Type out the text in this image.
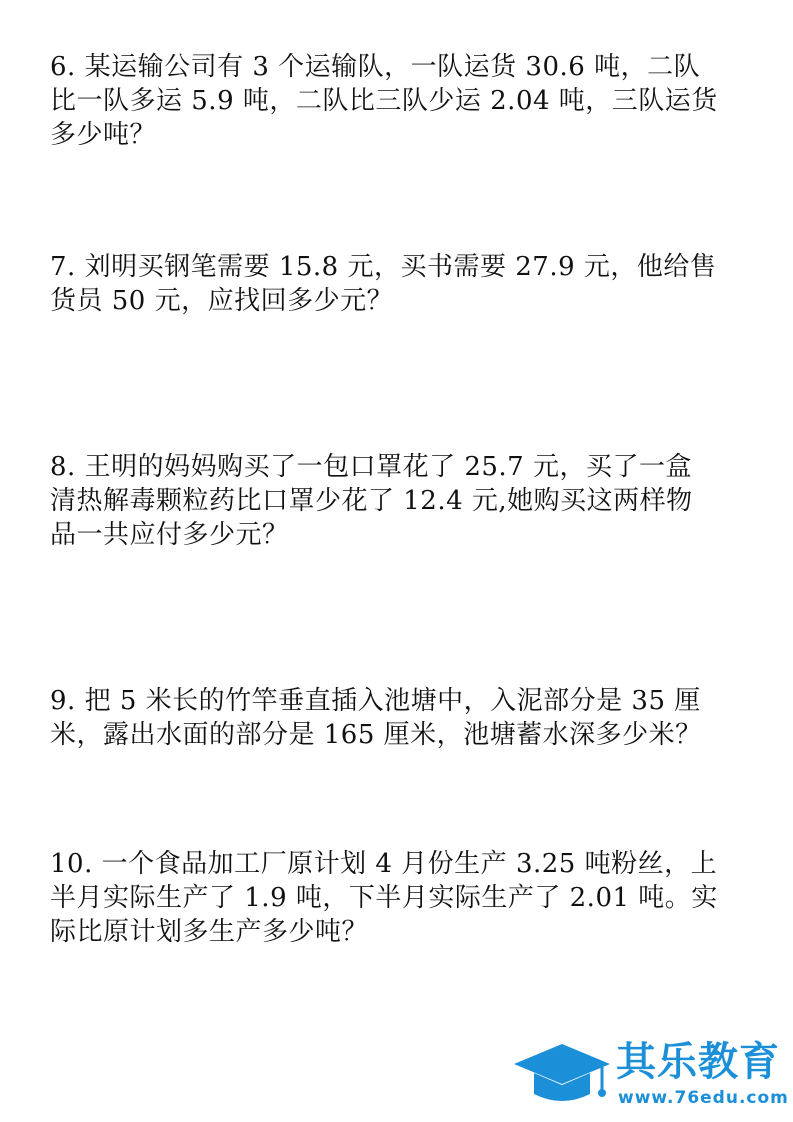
6. 某运输公司有 3 个运输队，一队运货 30.6 吨，二队
比一队多运 5.9 吨，二队比三队少运 2.04 吨，三队运货
多少吨？
7. 刘明买钢笔需要 15.8 元，买书需要 27.9 元，他给售
货员 50 元，应找回多少元？
8. 王明的妈妈购买了一包口罩花了 25.7 元，买了一盒
清热解毒颗粒药比口罩少花了 12.4 元,她购买这两样物
品一共应付多少元？
9. 把 5 米长的竹竿垂直插入池塘中，入泥部分是 35 厘
米，露出水面的部分是 165 厘米，池塘蓄水深多少米？
10. 一个食品加工厂原计划 4 月份生产 3.25 吨粉丝，上
半月实际生产了 1.9 吨，下半月实际生产了 2.01 吨。实
际比原计划多生产多少吨？
其乐教育
www.76edu.com
